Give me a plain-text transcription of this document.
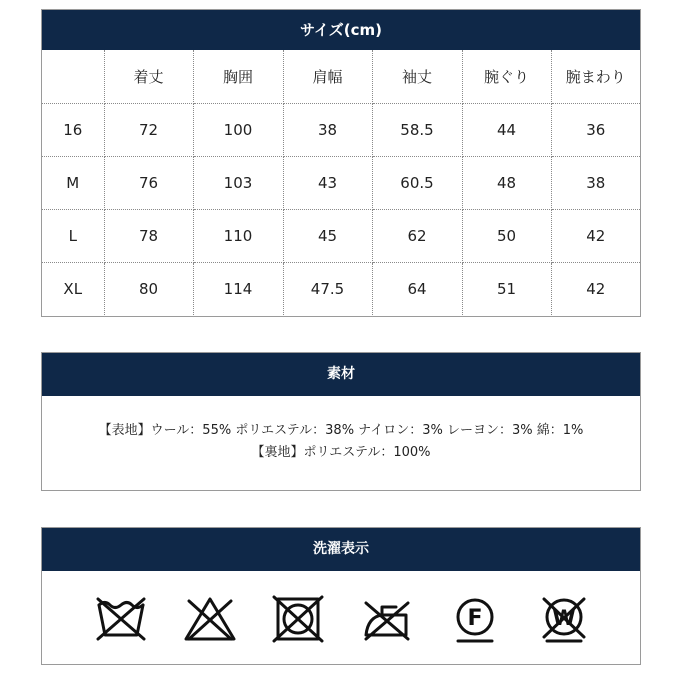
サイズ(cm)
	着丈	胸囲	肩幅	袖丈	腕ぐり	腕まわり
16	72	100	38	58.5	44	36
M	76	103	43	60.5	48	38
L	78	110	45	62	50	42
XL	80	114	47.5	64	51	42
素材
【表地】ウール：55% ポリエステル：38% ナイロン：3% レーヨン：3% 綿：1%
【裏地】ポリエステル：100%
洗濯表示
F	W
